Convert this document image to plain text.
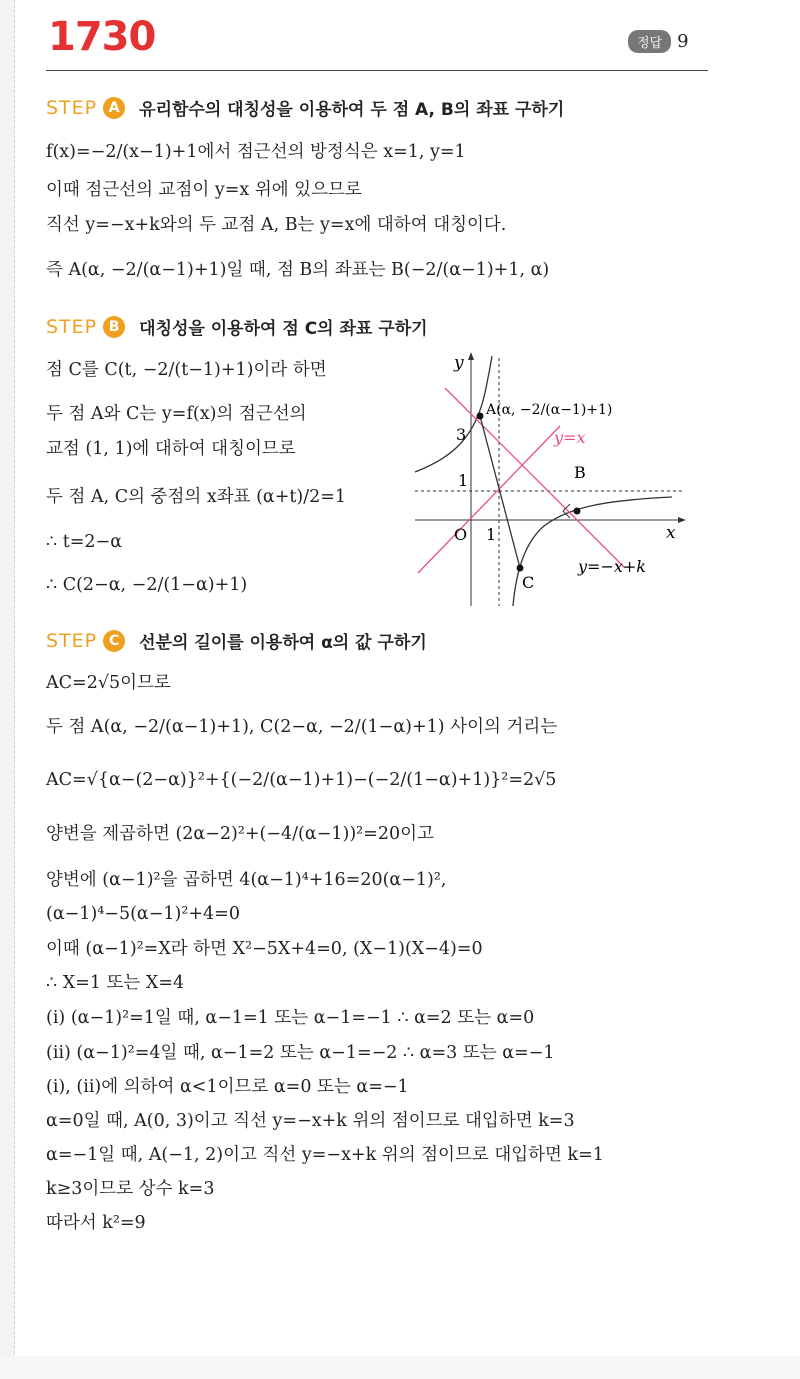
1730	정답 9
STEP A	유리함수의 대칭성을 이용하여 두 점 A, B의 좌표 구하기
f(x)=−2/(x−1)+1에서 점근선의 방정식은 x=1, y=1
이때 점근선의 교점이 y=x 위에 있으므로
직선 y=−x+k와의 두 교점 A, B는 y=x에 대하여 대칭이다.
즉 A(α, −2/(α−1)+1)일 때, 점 B의 좌표는 B(−2/(α−1)+1, α)
STEP B	대칭성을 이용하여 점 C의 좌표 구하기
점 C를 C(t, −2/(t−1)+1)이라 하면
두 점 A와 C는 y=f(x)의 점근선의
교점 (1, 1)에 대하여 대칭이므로
두 점 A, C의 중점의 x좌표 (α+t)/2=1
∴ t=2−α
∴ C(2−α, −2/(1−α)+1)
y
x
O 1
1
3
A(α, −2/(α−1)+1)
y=x
B
C
y=−x+k
STEP C	선분의 길이를 이용하여 α의 값 구하기
AC=2√5이므로
두 점 A(α, −2/(α−1)+1), C(2−α, −2/(1−α)+1) 사이의 거리는
AC=√{α−(2−α)}²+{(−2/(α−1)+1)−(−2/(1−α)+1)}²=2√5
양변을 제곱하면 (2α−2)²+(−4/(α−1))²=20이고
양변에 (α−1)²을 곱하면 4(α−1)⁴+16=20(α−1)²,
(α−1)⁴−5(α−1)²+4=0
이때 (α−1)²=X라 하면 X²−5X+4=0, (X−1)(X−4)=0
∴ X=1 또는 X=4
(ⅰ) (α−1)²=1일 때, α−1=1 또는 α−1=−1 ∴ α=2 또는 α=0
(ⅱ) (α−1)²=4일 때, α−1=2 또는 α−1=−2 ∴ α=3 또는 α=−1
(ⅰ), (ⅱ)에 의하여 α<1이므로 α=0 또는 α=−1
α=0일 때, A(0, 3)이고 직선 y=−x+k 위의 점이므로 대입하면 k=3
α=−1일 때, A(−1, 2)이고 직선 y=−x+k 위의 점이므로 대입하면 k=1
k≥3이므로 상수 k=3
따라서 k²=9
